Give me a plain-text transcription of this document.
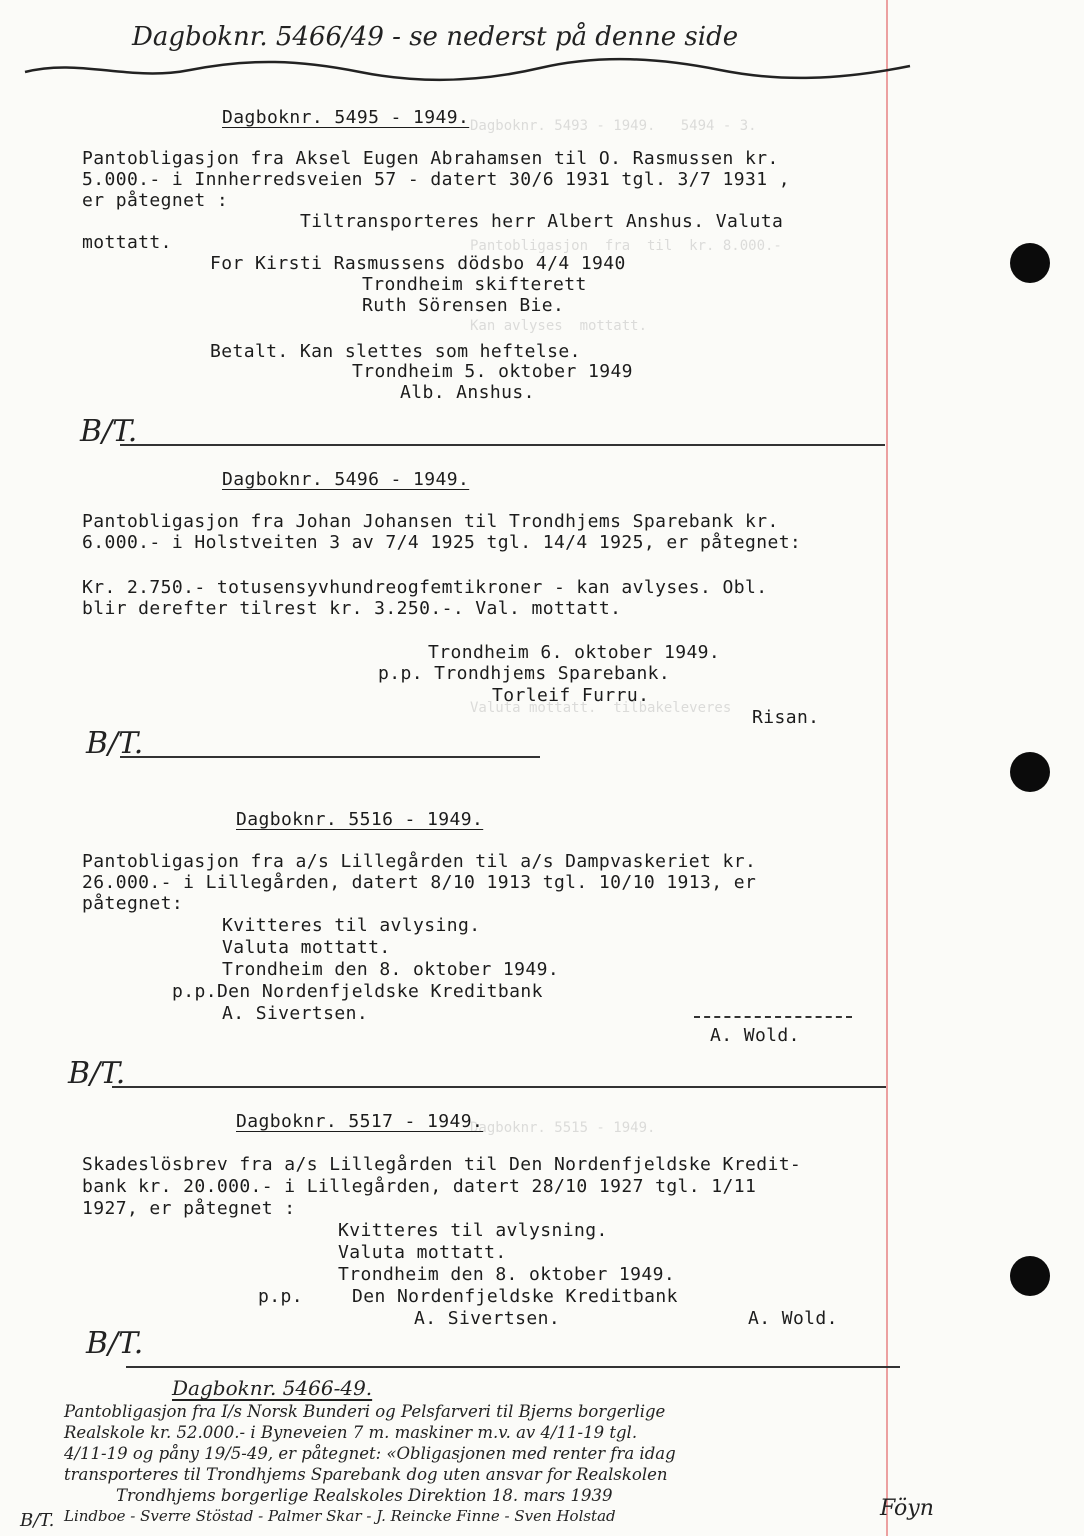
Dagboknr. 5493 - 1949.   5494 - 3.
Pantobligasjon  fra  til  kr. 8.000.-
Kan avlyses  mottatt.
Valuta mottatt.  tilbakeleveres
Dagboknr. 5515 - 1949.
Dagboknr. 5466/49 - se nederst på denne side
Dagboknr. 5495 - 1949.
Pantobligasjon fra Aksel Eugen Abrahamsen til O. Rasmussen kr.
5.000.- i Innherredsveien 57 - datert 30/6 1931 tgl. 3/7 1931 ,
er påtegnet :
Tiltransporteres herr Albert Anshus. Valuta
mottatt.
For Kirsti Rasmussens dödsbo 4/4 1940
Trondheim skifterett
Ruth Sörensen Bie.
Betalt. Kan slettes som heftelse.
Trondheim 5. oktober 1949
Alb. Anshus.
B/T.
Dagboknr. 5496 - 1949.
Pantobligasjon fra Johan Johansen til Trondhjems Sparebank kr.
6.000.- i Holstveiten 3 av 7/4 1925 tgl. 14/4 1925, er påtegnet:
Kr. 2.750.- totusensyvhundreogfemtikroner - kan avlyses. Obl.
blir derefter tilrest kr. 3.250.-. Val. mottatt.
Trondheim 6. oktober 1949.
p.p. Trondhjems Sparebank.
Torleif Furru.
Risan.
B/T.
Dagboknr. 5516 - 1949.
Pantobligasjon fra a/s Lillegården til a/s Dampvaskeriet kr.
26.000.- i Lillegården, datert 8/10 1913 tgl. 10/10 1913, er
påtegnet:
Kvitteres til avlysing.
Valuta mottatt.
Trondheim den 8. oktober 1949.
p.p.Den Nordenfjeldske Kreditbank
A. Sivertsen.
A. Wold.
B/T.
Dagboknr. 5517 - 1949.
Skadeslösbrev fra a/s Lillegården til Den Nordenfjeldske Kredit-
bank kr. 20.000.- i Lillegården, datert 28/10 1927 tgl. 1/11
1927, er påtegnet :
Kvitteres til avlysning.
Valuta mottatt.
Trondheim den 8. oktober 1949.
p.p.	Den Nordenfjeldske Kreditbank
A. Sivertsen.	A. Wold.
B/T.
Dagboknr. 5466-49.
Pantobligasjon fra I/s Norsk Bunderi og Pelsfarveri til Bjerns borgerlige
Realskole kr. 52.000.- i Byneveien 7 m. maskiner m.v. av 4/11-19 tgl.
4/11-19 og påny 19/5-49, er påtegnet: «Obligasjonen med renter fra idag
transporteres til Trondhjems Sparebank dog uten ansvar for Realskolen
Trondhjems borgerlige Realskoles Direktion 18. mars 1939
Lindboe - Sverre Stöstad - Palmer Skar - J. Reincke Finne - Sven Holstad
B/T.	Föyn
